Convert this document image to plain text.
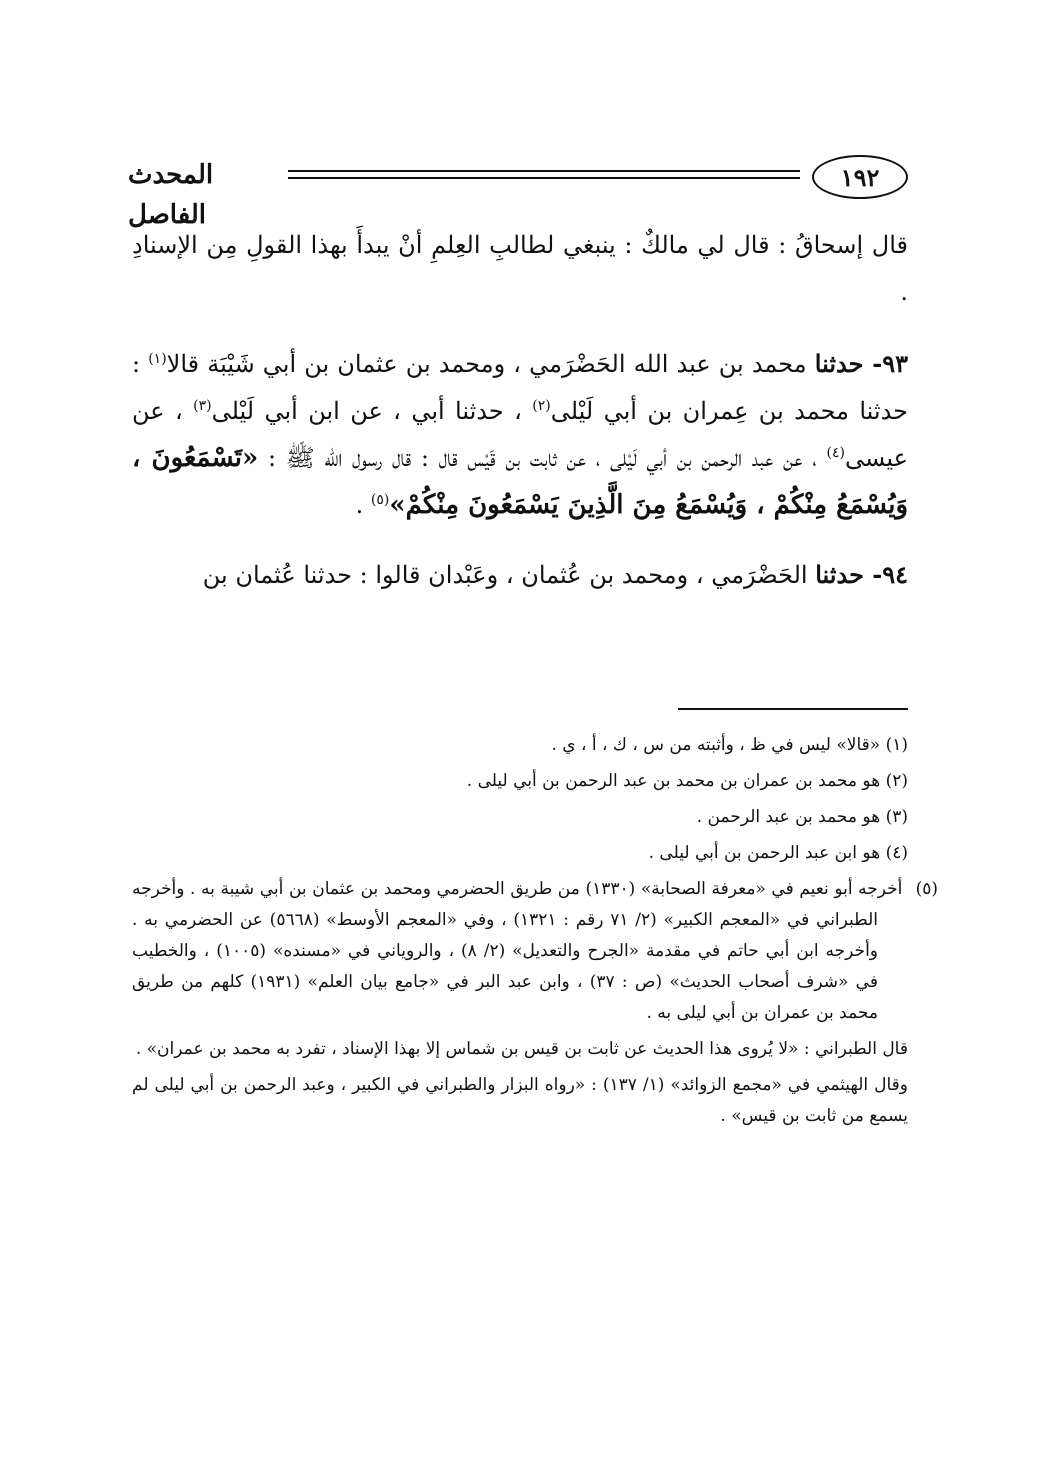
١٩٢
المحدث الفاصل

قال إسحاقُ : قال لي مالكٌ : ينبغي لطالبِ العِلمِ أنْ يبدأَ بهذا القولِ مِن الإسنادِ .

٩٣- حدثنا محمد بن عبد الله الحَضْرَمي ، ومحمد بن عثمان بن أبي شَيْبَة قالا$^{(١)}$ : حدثنا محمد بن عِمران بن أبي لَيْلى$^{(٢)}$ ، حدثنا أبي ، عن ابن أبي لَيْلى$^{(٣)}$ ، عن عيسى$^{(٤)}$ ، عن عبد الرحمن بن أبي لَيْلى ، عن ثابت بن قَيْس قال : قال رسول الله ﷺ : «تَسْمَعُونَ ، وَيُسْمَعُ مِنْكُمْ ، وَيُسْمَعُ مِنَ الَّذِينَ يَسْمَعُونَ مِنْكُمْ»$^{(٥)}$ .

٩٤- حدثنا الحَضْرَمي ، ومحمد بن عُثمان ، وعَبْدان قالوا : حدثنا عُثمان بن

(١) «قالا» ليس في ظ ، وأثبته من س ، ك ، أ ، ي .
(٢) هو محمد بن عمران بن محمد بن عبد الرحمن بن أبي ليلى .
(٣) هو محمد بن عبد الرحمن .
(٤) هو ابن عبد الرحمن بن أبي ليلى .
(٥) أخرجه أبو نعيم في «معرفة الصحابة» (١٣٣٠) من طريق الحضرمي ومحمد بن عثمان بن أبي شيبة به . وأخرجه الطبراني في «المعجم الكبير» (٢/ ٧١ رقم : ١٣٢١) ، وفي «المعجم الأوسط» (٥٦٦٨) عن الحضرمي به . وأخرجه ابن أبي حاتم في مقدمة «الجرح والتعديل» (٢/ ٨) ، والروياني في «مسنده» (١٠٠٥) ، والخطيب في «شرف أصحاب الحديث» (ص : ٣٧) ، وابن عبد البر في «جامع بيان العلم» (١٩٣١) كلهم من طريق محمد بن عمران بن أبي ليلى به .
قال الطبراني : «لا يُروى هذا الحديث عن ثابت بن قيس بن شماس إلا بهذا الإسناد ، تفرد به محمد بن عمران» .
وقال الهيثمي في «مجمع الزوائد» (١/ ١٣٧) : «رواه البزار والطبراني في الكبير ، وعبد الرحمن بن أبي ليلى لم يسمع من ثابت بن قيس» .
